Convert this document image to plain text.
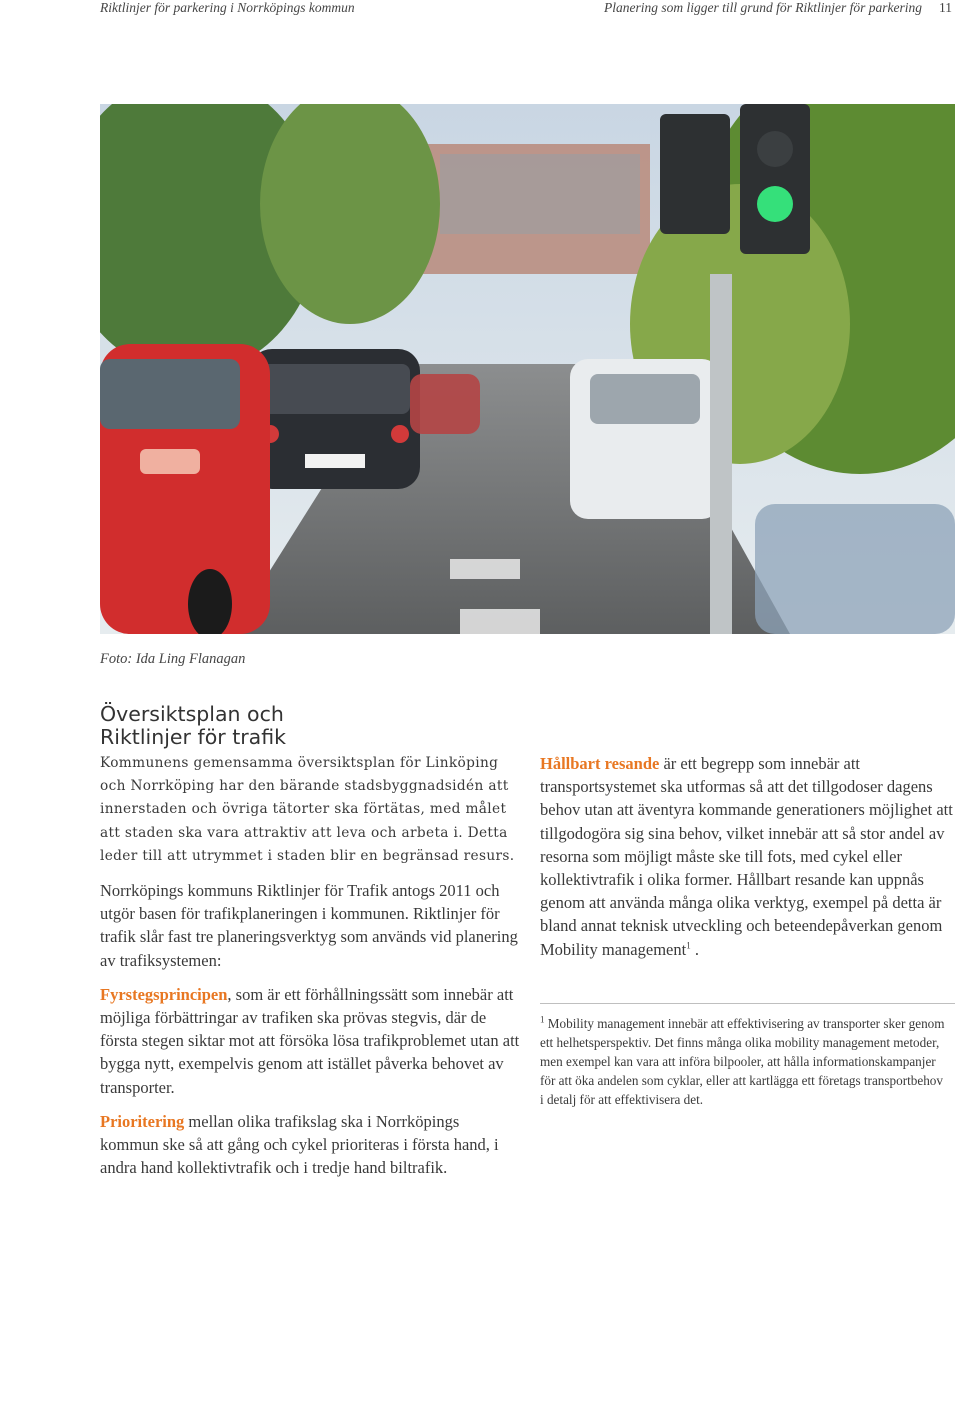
Riktlinjer för parkering i Norrköpings kommun	Planering som ligger till grund för Riktlinjer för parkering 11
Foto: Ida Ling Flanagan
Översiktsplan och
Riktlinjer för trafik

Kommunens gemensamma översiktsplan för Linköping och Norrköping har den bärande stadsbyggnadsidén att innerstaden och övriga tätorter ska förtätas, med målet att staden ska vara attraktiv att leva och arbeta i. Detta leder till att utrymmet i staden blir en begränsad resurs.

Norrköpings kommuns Riktlinjer för Trafik antogs 2011 och utgör basen för trafikplaneringen i kommunen. Riktlinjer för trafik slår fast tre planeringsverktyg som används vid planering av trafiksystemen:

Fyrstegsprincipen, som är ett förhållningssätt som innebär att möjliga förbättringar av trafiken ska prövas stegvis, där de första stegen siktar mot att försöka lösa trafikproblemet utan att bygga nytt, exempelvis genom att istället påverka behovet av transporter.

Prioritering mellan olika trafikslag ska i Norrköpings kommun ske så att gång och cykel prioriteras i första hand, i andra hand kollektivtrafik och i tredje hand biltrafik.

Hållbart resande är ett begrepp som innebär att transportsystemet ska utformas så att det tillgodoser dagens behov utan att äventyra kommande generationers möjlighet att tillgodogöra sig sina behov, vilket innebär att så stor andel av resorna som möjligt måste ske till fots, med cykel eller kollektivtrafik i olika former. Hållbart resande kan uppnås genom att använda många olika verktyg, exempel på detta är bland annat teknisk utveckling och beteendepåverkan genom Mobility management$^1$ .

$^1$ Mobility management innebär att effektivisering av transporter sker genom ett helhetsperspektiv. Det finns många olika mobility management metoder, men exempel kan vara att införa bilpooler, att hålla informationskampanjer för att öka andelen som cyklar, eller att kartlägga ett företags transportbehov i detalj för att effektivisera det.
